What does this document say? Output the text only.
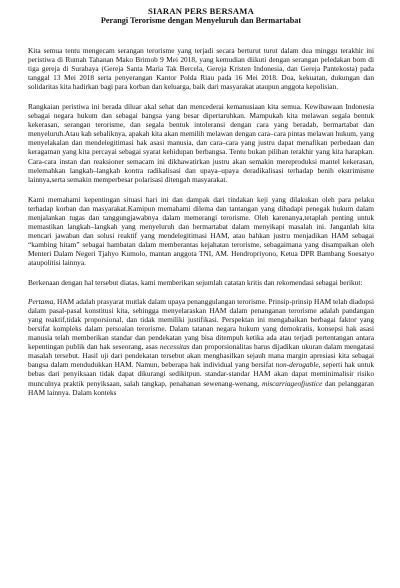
SIARAN PERS BERSAMA
Perangi Terorisme dengan Menyeluruh dan Bermartabat

Kita semua tentu mengecam serangan terorisme yang terjadi secara berturut turut dalam dua minggu terakhir ini peristiwa di Rumah Tahanan Mako Brimob 9 Mei 2018, yang kemudian diikuti dengan serangan peledakan bom di tiga gereja di Surabaya (Gereja Santa Maria Tak Bercela, Gereja Kristen Indonesia, dan Gereja Pantekosta) pada tanggal 13 Mei 2018 serta penyerangan Kantor Polda Riau pada 16 Mei 2018. Doa, kekuatan, dukungan dan solidaritas kita hadirkan bagi para korban dan keluarga, baik dari masyarakat ataupun anggota kepolisian.

Rangkaian peristiwa ini berada diluar akal sehat dan mencederai kemanusiaan kita semua. Kewibawaan Indonesia sebagai negara hukum dan sebagai bangsa yang besar dipertaruhkan. Mampukah kita melawan segala bentuk kekerasan, serangan terorisme, dan segala bentuk intoleransi dengan cara yang beradab, bermartabat dan menyeluruh.Atau kah sebaliknya, apakah kita akan memilih melawan dengan cara–cara pintas melawan hukum, yang menyelakalan dan mendelegitimasi hak asasi manusia, dan cara–cara yang justru dapat menafikan perbedaan dan keragaman yang kita percayai sebagai syarat kehidupan berbangsa. Tentu bukan pilihan terakhir yang kita harapkan. Cara-cara instan dan reaksioner semacam ini dikhawatirkan justru akan semakin mereproduksi mantel kekerasan, melemahkan langkah–langkah kontra radikalisasi dan upaya–upaya deradikalisasi terhadap benih ekstrimisme lainnya,serta semakin memperbesar polarisasi ditengah masyarakat.

Kami memahami kepentingan situasi hari ini dan dampak dari tindakan keji yang dilakukan oleh para pelaku terhadap korban dan masyarakat.Kamipun memahami dilema dan tantangan yang dihadapi penegak hukum dalam menjalankan tugas dan tanggungjawabnya dalam memerangi terorisme. Oleh karenanya,tetaplah penting untuk memastikan langkah–langkah yang menyeluruh dan bermartabat dalam menyikapi masalah ini. Janganlah kita mencari jawaban dan solusi reaktif yang mendelegitimasi HAM, atau bahkan justru menjadikan HAM sebagai “kambing hitam” sebagai hambatan dalam memberantas kejahatan terorisme, sebagaimana yang disampaikan oleh Menteri Dalam Negeri Tjahyo Kumolo, mantan anggota TNI, AM. Hendropriyono, Ketua DPR Bambang Soesatyo ataupolitisi lainnya.

Berkenaan dengan hal tersebut diatas, kami memberikan sejumlah catatan kritis dan rekomendasi sebagai berikut:

Pertama, HAM adalah prasyarat mutlak dalam upaya penanggulangan terorisme. Prinsip-prinsip HAM telah diadopsi dalam pasal-pasal konstitusi kita, sehingga menyelaraskan HAM dalam penanganan terorisme adalah pandangan yang reaktif,tidak proporsional, dan tidak memiliki justifikasi. Perspektan ini mengabaikan berbagai faktor yang bersifat kompleks dalam persoalan terorisme. Dalam tatanan negara hukum yang demokratis, konsepsi hak asasi manusia telah memberikan standar dan pendekatan yang bisa ditempuh ketika ada atau terjadi pertentangan antara kepentingan publik dan hak seseorang, asas necessitas dan proporsionalitas harus dijadikan ukuran dalam mengatasi masalah tersebut. Hasil uji dari pendekatan tersebut akan menghasilkan sejauh mana margin apresiasi kita sebagai bangsa dalam mendudukkan HAM. Namun, beberapa hak individual yang bersifat non-derogable, seperti hak untuk bebas dari penyiksaan tidak dapat dikurangi sedikitpun. standar-standar HAM akan dapat meminimalisir risiko munculnya praktik penyiksaan, salah tangkap, penahanan sewenang-wenang, miscarriageofjustice dan pelanggaran HAM lainnya. Dalam konteks
